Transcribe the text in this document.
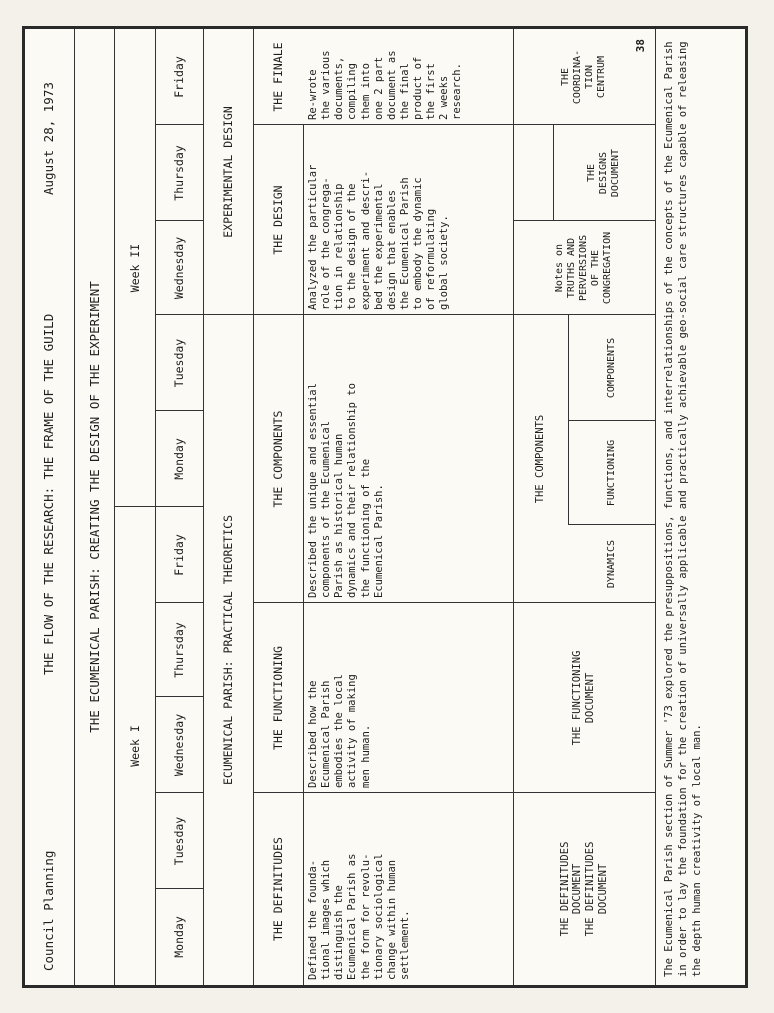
Council Planning
THE FLOW OF THE RESEARCH: THE FRAME OF THE GUILD
August 28, 1973
THE ECUMENICAL PARISH: CREATING THE DESIGN OF THE EXPERIMENT
Week I
Week II
Monday
Tuesday
Wednesday
Thursday
Friday
Monday
Tuesday
Wednesday
Thursday
Friday
ECUMENICAL PARISH: PRACTICAL THEORETICS
EXPERIMENTAL DESIGN
THE DEFINITUDES
THE FUNCTIONING
THE COMPONENTS
THE DESIGN
THE FINALE
Defined the founda-
tional images which
distinguish the
Ecumenical Parish as
the form for revolu-
tionary sociological
change within human
settlement.
Described how the
Ecumenical Parish
embodies the local
activity of making
men human.
Described the unique and essential
components of the Ecumenical
Parish as historical human
dynamics and their relationship to
the functioning of the
Ecumenical Parish.
Analyzed the particular
role of the congrega-
tion in relationship
to the design of the
experiment and descri-
bed the experimental
design that enables
the Ecumenical Parish
to embody the dynamic
of reformulating
global society.
Re-wrote
the various
documents,
compiling
them into
one 2 part
document as
the final
product of
the first
2 weeks
research.
THE DEFINITUDES
DOCUMENT
THE DEFINITUDES
DOCUMENT
THE FUNCTIONING
DOCUMENT
THE COMPONENTS
DYNAMICS
FUNCTIONING
COMPONENTS
Notes on
TRUTHS AND
PERVERSIONS
OF THE
CONGREGATION
THE
DESIGNS
DOCUMENT
THE
COORDINA-
TION
CENTRUM
38 The Ecumenical Parish section of Summer '73 explored the presuppositions, functions, and interrelationships of the concepts of the Ecumenical Parish in order to lay the foundation for the creation of universally applicable and practically achievable geo-social care structures capable of releasing the depth human creativity of local man.
